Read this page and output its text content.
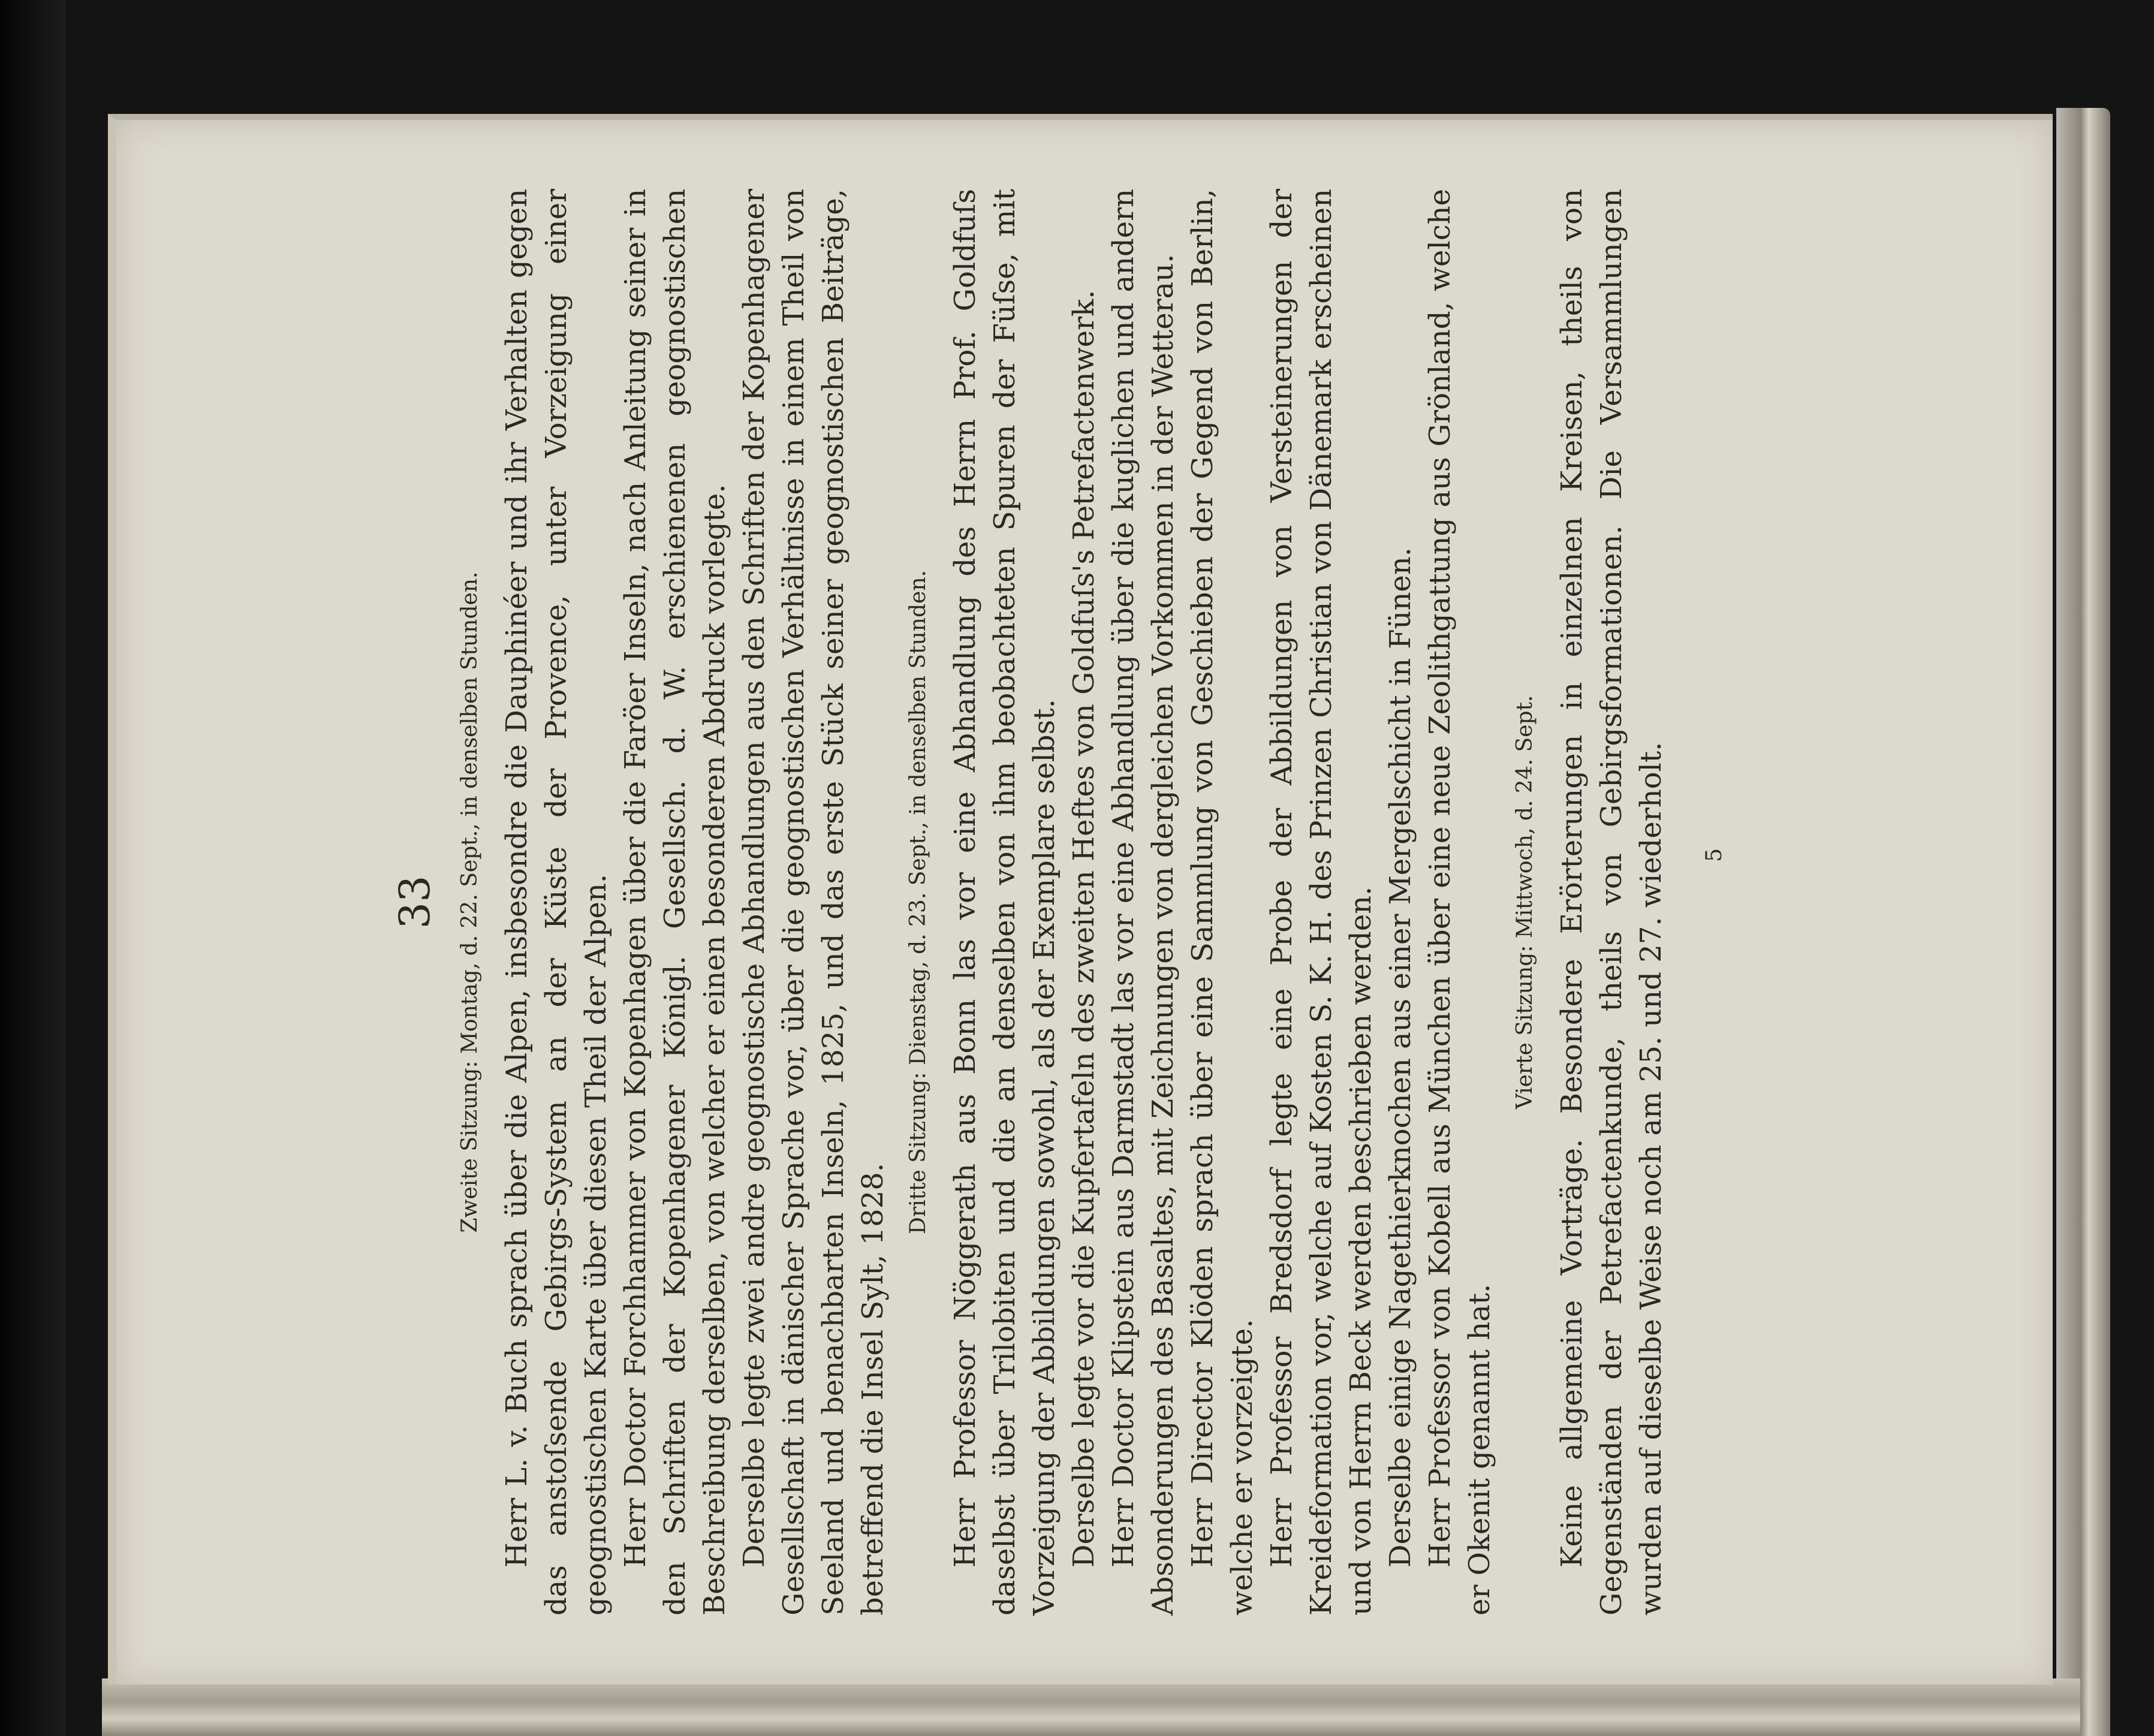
33 Zweite Sitzung: Montag, d. 22. Sept., in denselben Stunden. Herr L. v. Buch sprach über die Alpen, insbesondre die Dauphinéer und ihr Verhalten gegen das anstoſsende Gebirgs-System an der Küste der Provence, unter Vorzeigung einer geognostischen Karte über diesen Theil der Alpen. Herr Doctor Forchhammer von Kopenhagen über die Faröer Inseln, nach Anleitung seiner in den Schriften der Kopenhagener Königl. Gesellsch. d. W. erschienenen geognostischen Beschreibung derselben, von welcher er einen besonderen Abdruck vorlegte. Derselbe legte zwei andre geognostische Abhandlungen aus den Schriften der Kopenhagener Gesellschaft in dänischer Sprache vor, über die geognostischen Verhältnisse in einem Theil von Seeland und benachbarten Inseln, 1825, und das erste Stück seiner geognostischen Beiträge, betreffend die Insel Sylt, 1828.

Dritte Sitzung: Dienstag, d. 23. Sept., in denselben Stunden. Herr Professor Nöggerath aus Bonn las vor eine Abhandlung des Herrn Prof. Goldfuſs daselbst über Trilobiten und die an denselben von ihm beobachteten Spuren der Füſse, mit Vorzeigung der Abbildungen sowohl, als der Exemplare selbst. Derselbe legte vor die Kupfertafeln des zweiten Heftes von Goldfuſs's Petrefactenwerk. Herr Doctor Klipstein aus Darmstadt las vor eine Abhandlung über die kuglichen und andern Absonderungen des Basaltes, mit Zeichnungen von dergleichen Vorkommen in der Wetterau. Herr Director Klöden sprach über eine Sammlung von Geschieben der Gegend von Berlin, welche er vorzeigte. Herr Professor Bredsdorf legte eine Probe der Abbildungen von Versteinerungen der Kreideformation vor, welche auf Kosten S. K. H. des Prinzen Christian von Dänemark erscheinen und von Herrn Beck werden beschrieben werden. Derselbe einige Nagethierknochen aus einer Mergelschicht in Fünen. Herr Professor von Kobell aus München über eine neue Zeolithgattung aus Grönland, welche er Okenit genannt hat.

Vierte Sitzung: Mittwoch, d. 24. Sept. Keine allgemeine Vorträge. Besondere Erörterungen in einzelnen Kreisen, theils von Gegenständen der Petrefactenkunde, theils von Gebirgsformationen. Die Versammlungen wurden auf dieselbe Weise noch am 25. und 27. wiederholt.	5
